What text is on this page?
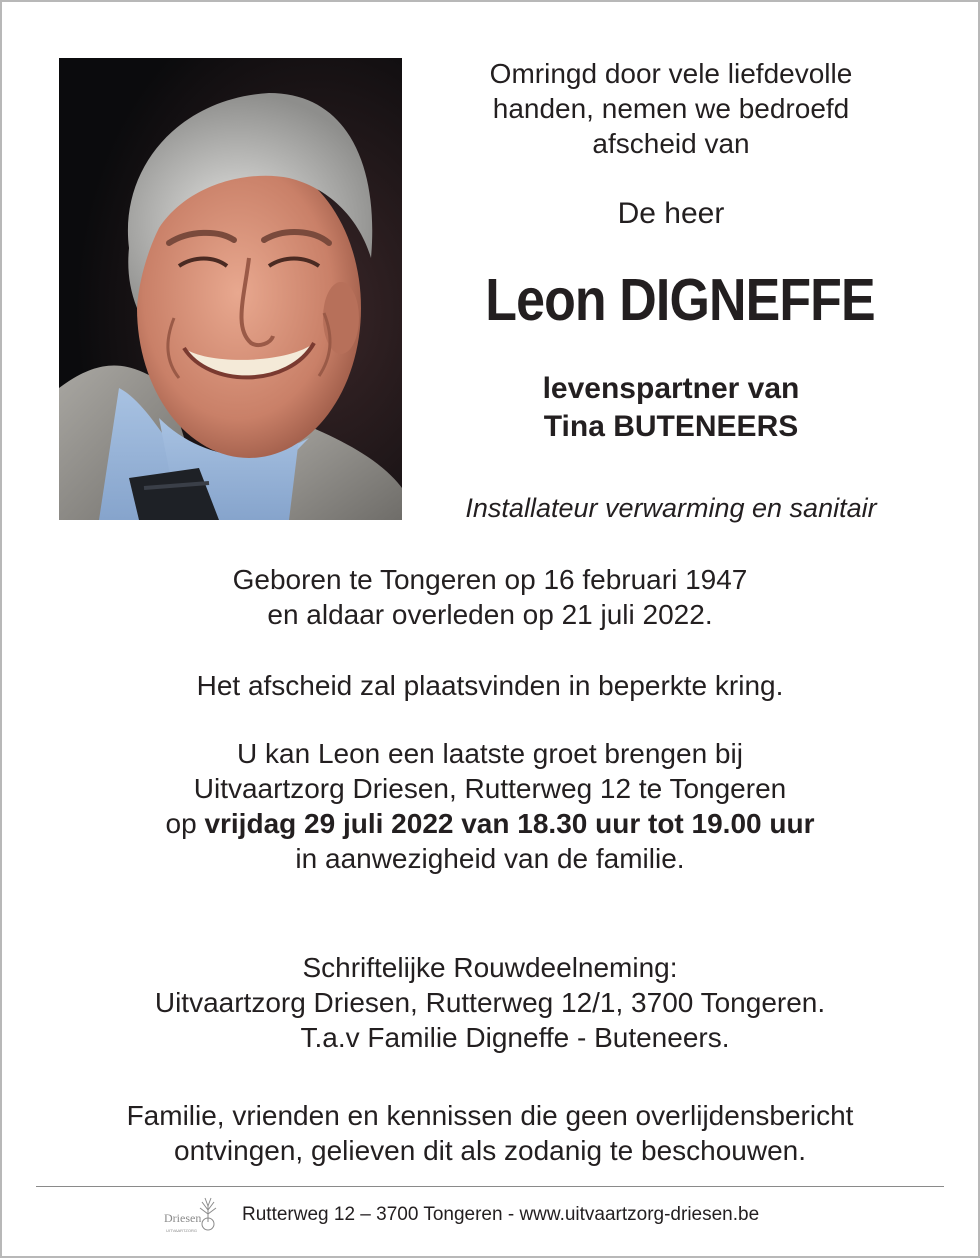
Omringd door vele liefdevolle
handen, nemen we bedroefd
afscheid van
De heer
Leon DIGNEFFE
levenspartner van
Tina BUTENEERS
Installateur verwarming en sanitair
Geboren te Tongeren op 16 februari 1947
en aldaar overleden op 21 juli 2022.
Het afscheid zal plaatsvinden in beperkte kring.
U kan Leon een laatste groet brengen bij
Uitvaartzorg Driesen, Rutterweg 12 te Tongeren
op vrijdag 29 juli 2022 van 18.30 uur tot 19.00 uur
in aanwezigheid van de familie.
Schriftelijke Rouwdeelneming:
Uitvaartzorg Driesen, Rutterweg 12/1, 3700 Tongeren.
T.a.v Familie Digneffe - Buteneers.
Familie, vrienden en kennissen die geen overlijdensbericht
ontvingen, gelieven dit als zodanig te beschouwen.
Driesen
UITVAARTZORG
Rutterweg 12 – 3700 Tongeren - www.uitvaartzorg-driesen.be
